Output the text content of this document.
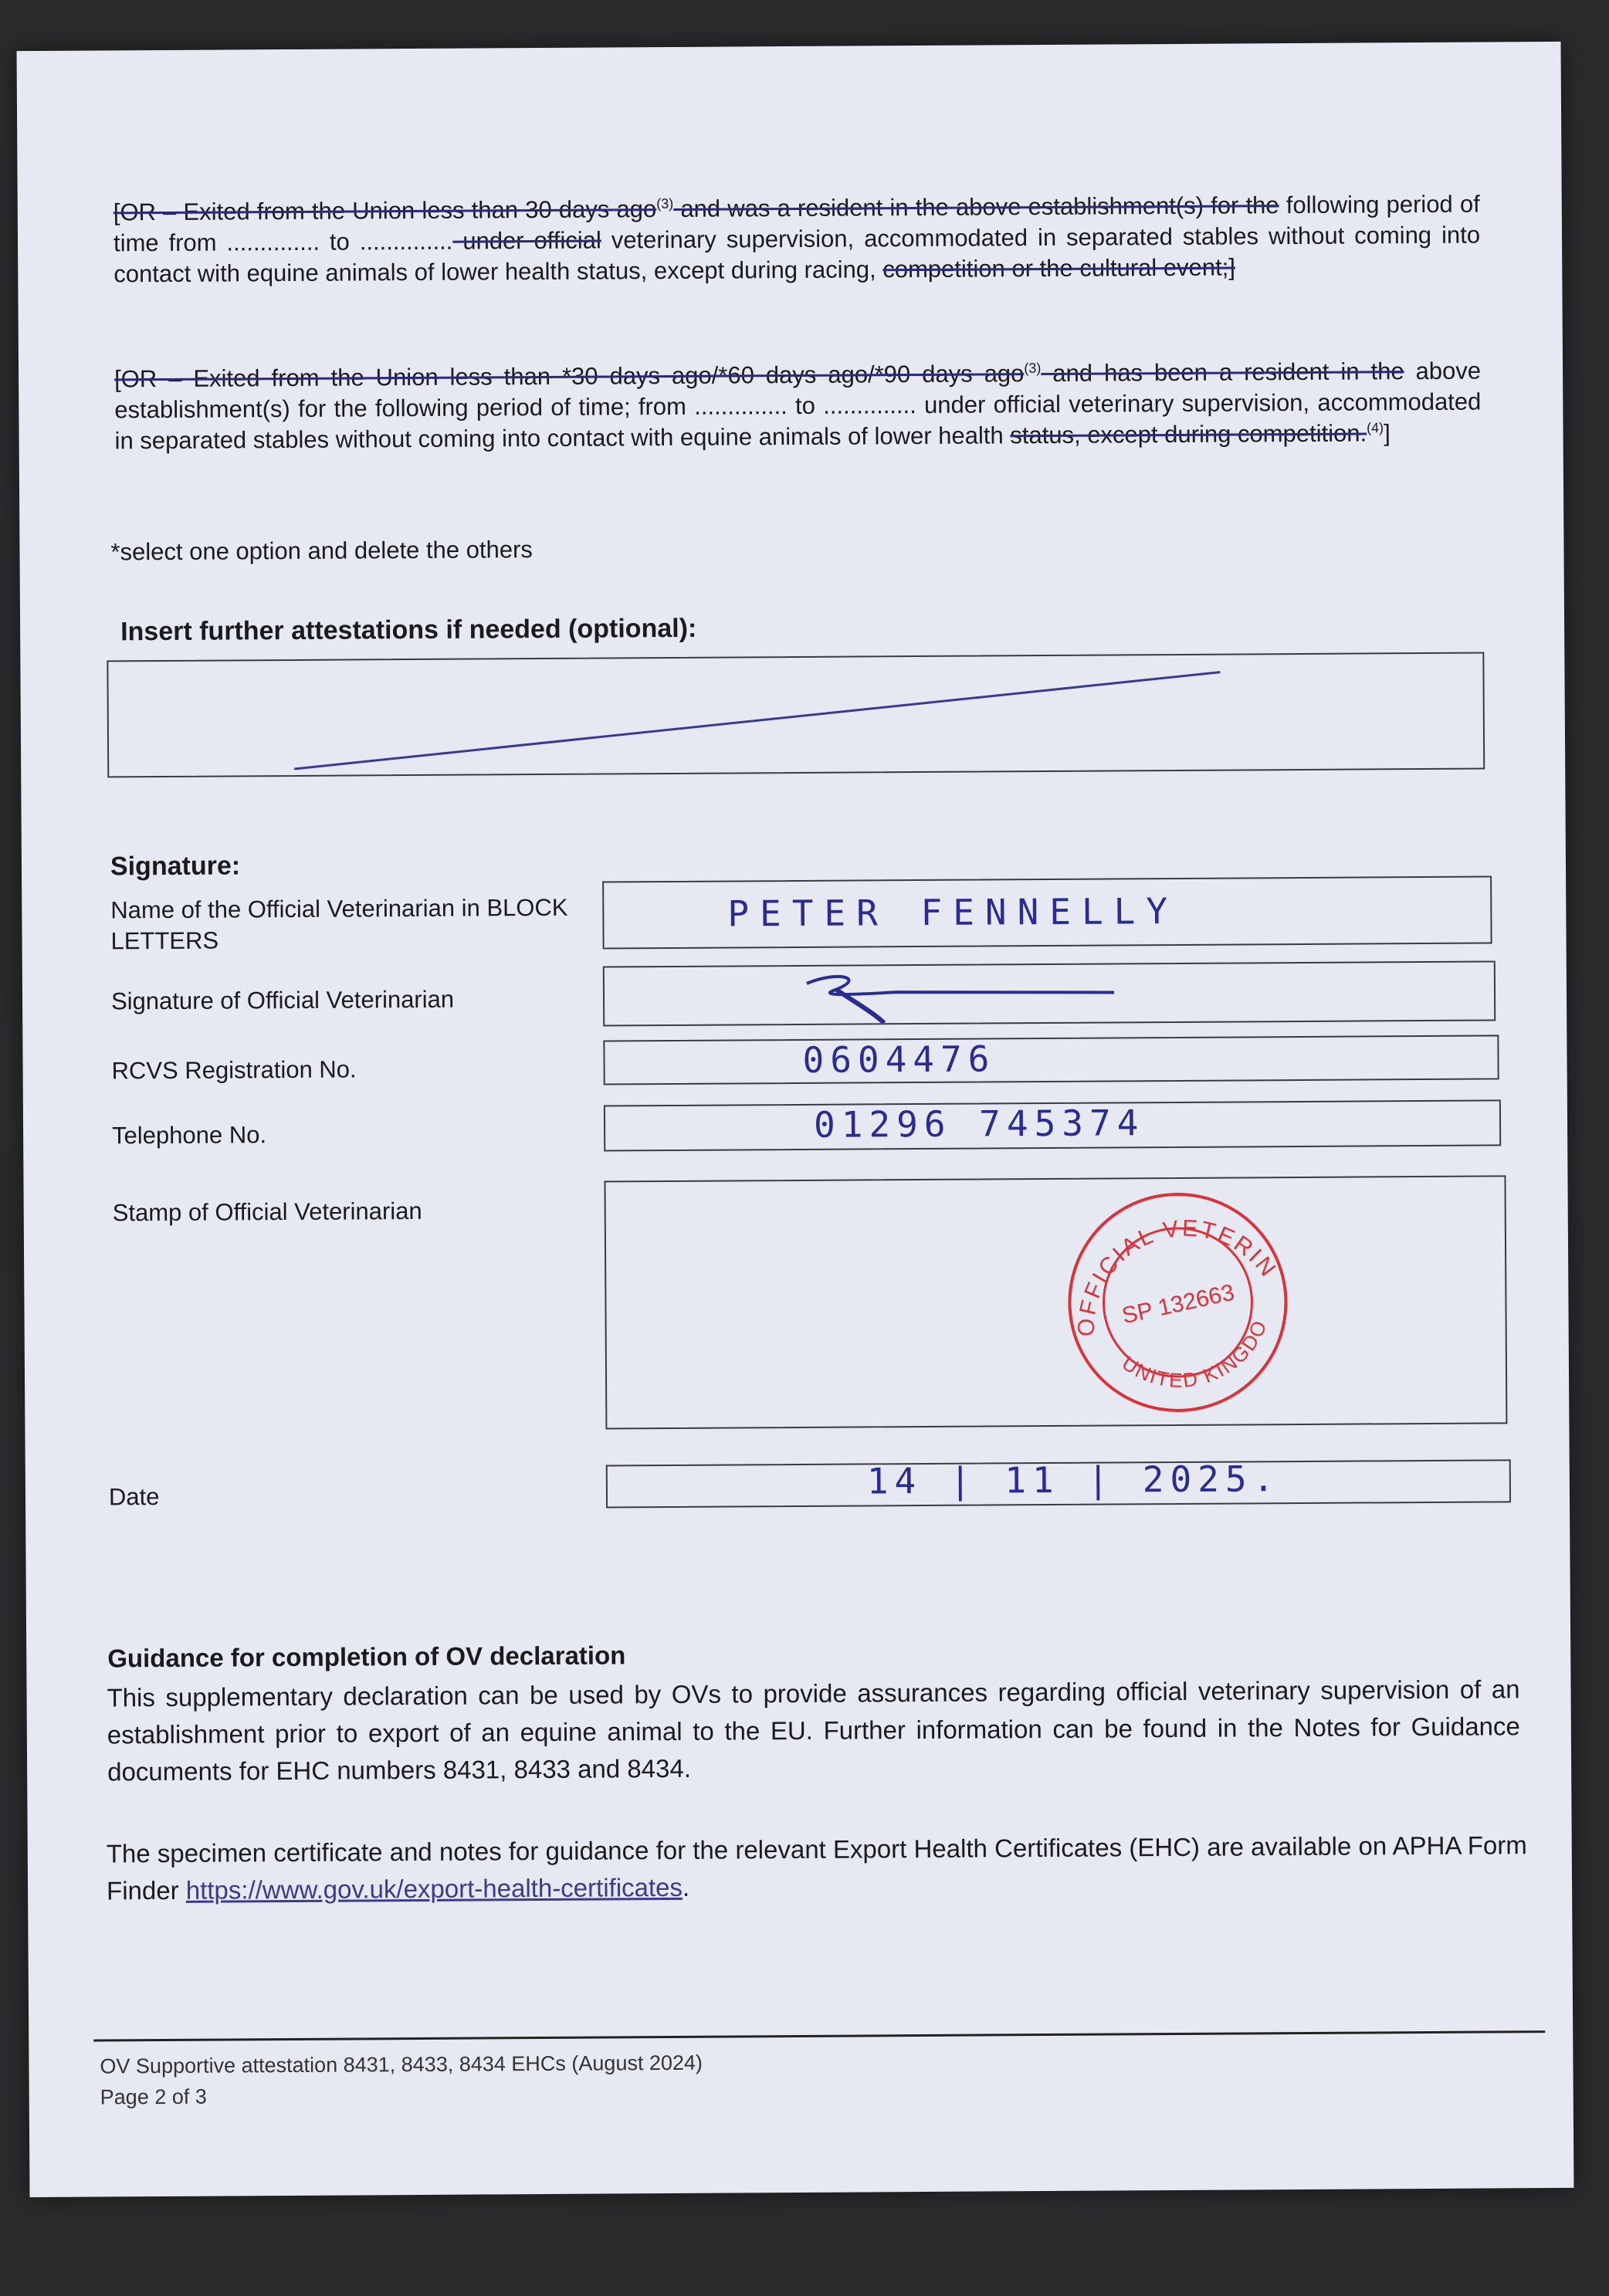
[OR – Exited from the Union less than 30 days ago$^{(3)}$ and was a resident in the above establishment(s) for the following period of time from .............. to .............. under official veterinary supervision, accommodated in separated stables without coming into contact with equine animals of lower health status, except during racing, competition or the cultural event;]
[OR – Exited from the Union less than *30 days ago/*60 days ago/*90 days ago$^{(3)}$ and has been a resident in the above establishment(s) for the following period of time; from .............. to .............. under official veterinary supervision, accommodated in separated stables without coming into contact with equine animals of lower health status, except during competition.$^{(4)}$]
*select one option and delete the others
Insert further attestations if needed (optional):
Signature:
Name of the Official Veterinarian in BLOCK LETTERS
PETER FENNELLY
Signature of Official Veterinarian
RCVS Registration No.	0604476
Telephone No.	01296 745374
Stamp of Official Veterinarian
OFFICIAL VETERINARIAN
UNITED KINGDOM
SP 132663
Date	14 | 11 | 2025.
Guidance for completion of OV declaration
This supplementary declaration can be used by OVs to provide assurances regarding official veterinary supervision of an establishment prior to export of an equine animal to the EU. Further information can be found in the Notes for Guidance documents for EHC numbers 8431, 8433 and 8434.
The specimen certificate and notes for guidance for the relevant Export Health Certificates (EHC) are available on APHA Form Finder https://www.gov.uk/export-health-certificates.
OV Supportive attestation 8431, 8433, 8434 EHCs (August 2024)
Page 2 of 3
